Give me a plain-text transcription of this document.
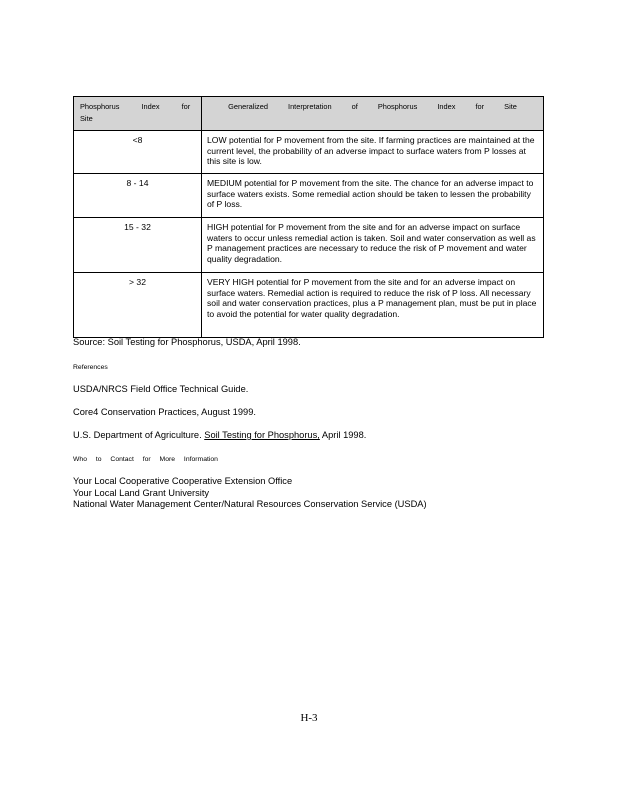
Phosphorus Index for Site	Generalized Interpretation of Phosphorus Index for Site
<8	LOW potential for P movement from the site. If farming practices are maintained at the current level, the probability of an adverse impact to surface waters from P losses at this site is low.
8 - 14	MEDIUM potential for P movement from the site. The chance for an adverse impact to surface waters exists. Some remedial action should be taken to lessen the probability of P loss.
15 - 32	HIGH potential for P movement from the site and for an adverse impact on surface waters to occur unless remedial action is taken. Soil and water conservation as well as P management practices are necessary to reduce the risk of P movement and water quality degradation.
> 32	VERY HIGH potential for P movement from the site and for an adverse impact on surface waters. Remedial action is required to reduce the risk of P loss. All necessary soil and water conservation practices, plus a P management plan, must be put in place to avoid the potential for water quality degradation.
Source: Soil Testing for Phosphorus, USDA, April 1998.
References
USDA/NRCS Field Office Technical Guide.
Core4 Conservation Practices, August 1999.
U.S. Department of Agriculture. Soil Testing for Phosphorus, April 1998.
Who to Contact for More Information
Your Local Cooperative Cooperative Extension Office
Your Local Land Grant University
National Water Management Center/Natural Resources Conservation Service (USDA)
H-3
